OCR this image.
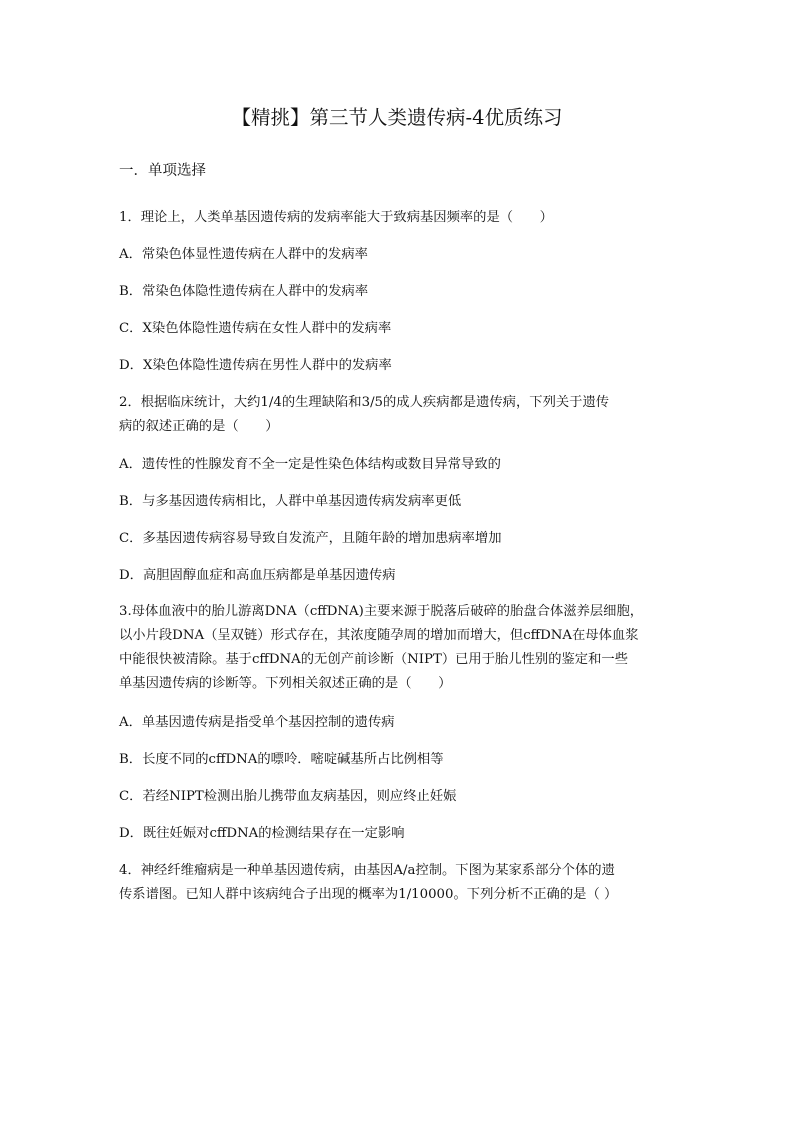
【精挑】第三节人类遗传病-4优质练习
一．单项选择
1．理论上，人类单基因遗传病的发病率能大于致病基因频率的是（　　）
A．常染色体显性遗传病在人群中的发病率
B．常染色体隐性遗传病在人群中的发病率
C．X染色体隐性遗传病在女性人群中的发病率
D．X染色体隐性遗传病在男性人群中的发病率
2．根据临床统计，大约1/4的生理缺陷和3/5的成人疾病都是遗传病，下列关于遗传
病的叙述正确的是（　　）
A．遗传性的性腺发育不全一定是性染色体结构或数目异常导致的
B．与多基因遗传病相比，人群中单基因遗传病发病率更低
C．多基因遗传病容易导致自发流产，且随年龄的增加患病率增加
D．高胆固醇血症和高血压病都是单基因遗传病
3.母体血液中的胎儿游离DNA（cffDNA)主要来源于脱落后破碎的胎盘合体滋养层细胞，
以小片段DNA（呈双链）形式存在，其浓度随孕周的增加而增大，但cffDNA在母体血浆
中能很快被清除。基于cffDNA的无创产前诊断（NIPT）已用于胎儿性别的鉴定和一些
单基因遗传病的诊断等。下列相关叙述正确的是（　　）
A．单基因遗传病是指受单个基因控制的遗传病
B．长度不同的cffDNA的嘌呤．嘧啶碱基所占比例相等
C．若经NIPT检测出胎儿携带血友病基因，则应终止妊娠
D．既往妊娠对cffDNA的检测结果存在一定影响
4．神经纤维瘤病是一种单基因遗传病，由基因A/a控制。下图为某家系部分个体的遗
传系谱图。已知人群中该病纯合子出现的概率为1/10000。下列分析不正确的是（ ）
